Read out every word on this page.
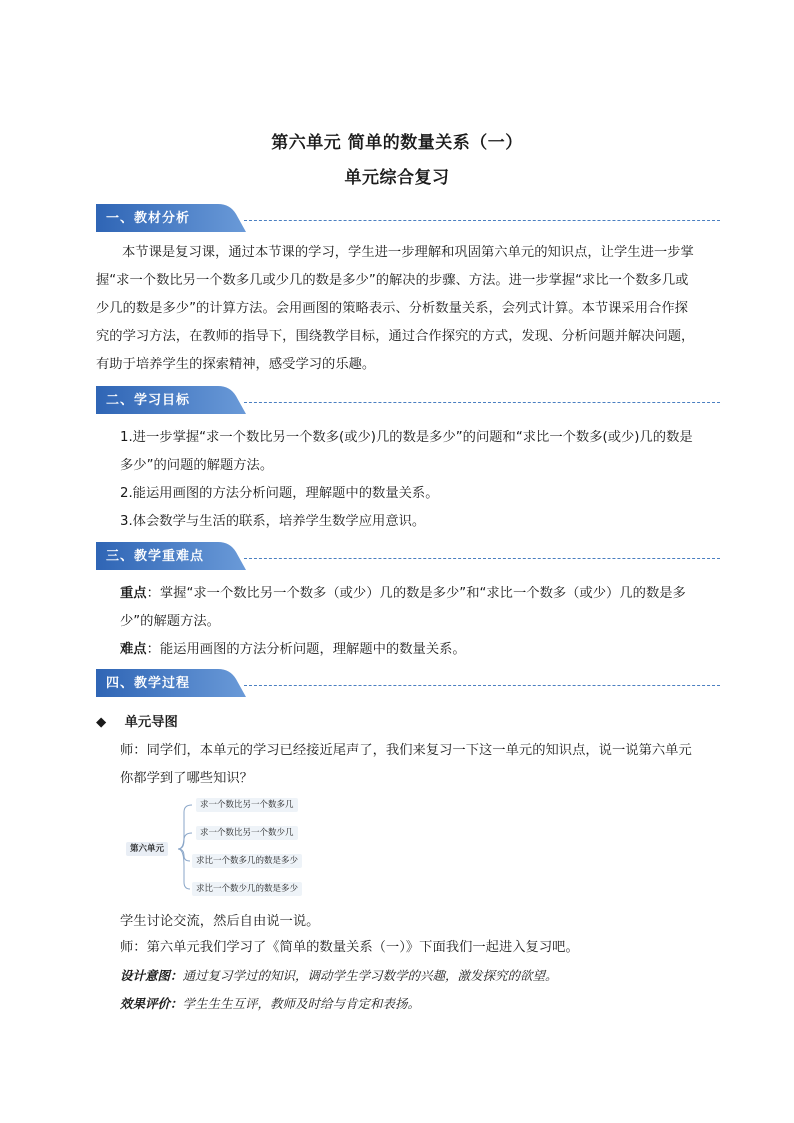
第六单元 简单的数量关系（一）
单元综合复习
一、教材分析
本节课是复习课，通过本节课的学习，学生进一步理解和巩固第六单元的知识点，让学生进一步掌握“求一个数比另一个数多几或少几的数是多少”的解决的步骤、方法。进一步掌握“求比一个数多几或少几的数是多少”的计算方法。会用画图的策略表示、分析数量关系，会列式计算。本节课采用合作探究的学习方法，在教师的指导下，围绕教学目标，通过合作探究的方式，发现、分析问题并解决问题，有助于培养学生的探索精神，感受学习的乐趣。
二、学习目标

1.进一步掌握“求一个数比另一个数多(或少)几的数是多少”的问题和“求比一个数多(或少)几的数是多少”的问题的解题方法。

2.能运用画图的方法分析问题，理解题中的数量关系。

3.体会数学与生活的联系，培养学生数学应用意识。

三、教学重难点

重点：掌握“求一个数比另一个数多（或少）几的数是多少”和“求比一个数多（或少）几的数是多少”的解题方法。

难点：能运用画图的方法分析问题，理解题中的数量关系。

四、教学过程
◆ 单元导图
师：同学们，本单元的学习已经接近尾声了，我们来复习一下这一单元的知识点，说一说第六单元你都学到了哪些知识？
第六单元
求一个数比另一个数多几
求一个数比另一个数少几
求比一个数多几的数是多少
求比一个数少几的数是多少
学生讨论交流，然后自由说一说。
师：第六单元我们学习了《简单的数量关系（一）》下面我们一起进入复习吧。
设计意图：通过复习学过的知识，调动学生学习数学的兴趣，激发探究的欲望。
效果评价：学生生生互评，教师及时给与肯定和表扬。
